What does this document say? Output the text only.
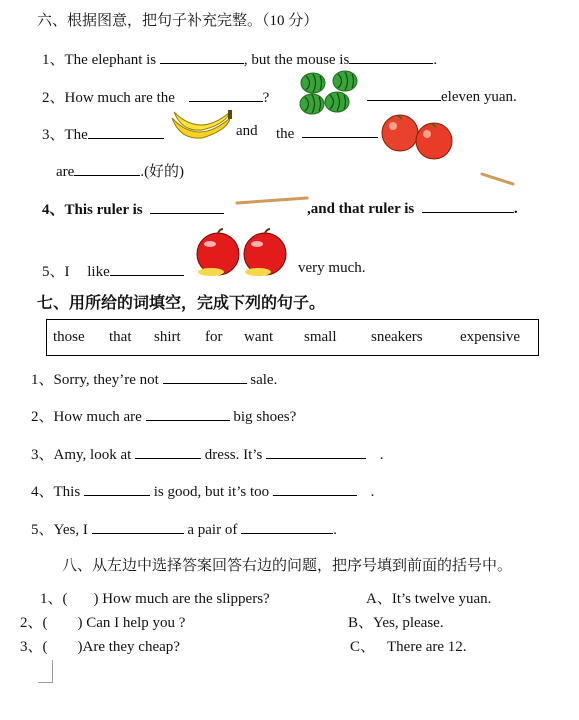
六、根据图意，把句子补充完整。（10 分）
1、The elephant is	, but the mouse is	.
2、How much are the	?	eleven yuan.
3、The	and the
are	.(好的)
4、This ruler is	,and that ruler is	.
5、I like	very much.
七、用所给的词填空，完成下列的句子。
those that shirt for want small sneakers expensive
1、Sorry, they’re not	sale.
2、How much are	big shoes?
3、Amy, look at	dress. It’s	.
4、This	is good, but it’s too	.
5、Yes, I	a pair of	.
八、从左边中选择答案回答右边的问题，把序号填到前面的括号中。
1、( ) How much are the slippers?
2、( ) Can I help you ?
3、( )Are they cheap?
A、It’s twelve yuan.
B、Yes, please.
C、 There are 12.
